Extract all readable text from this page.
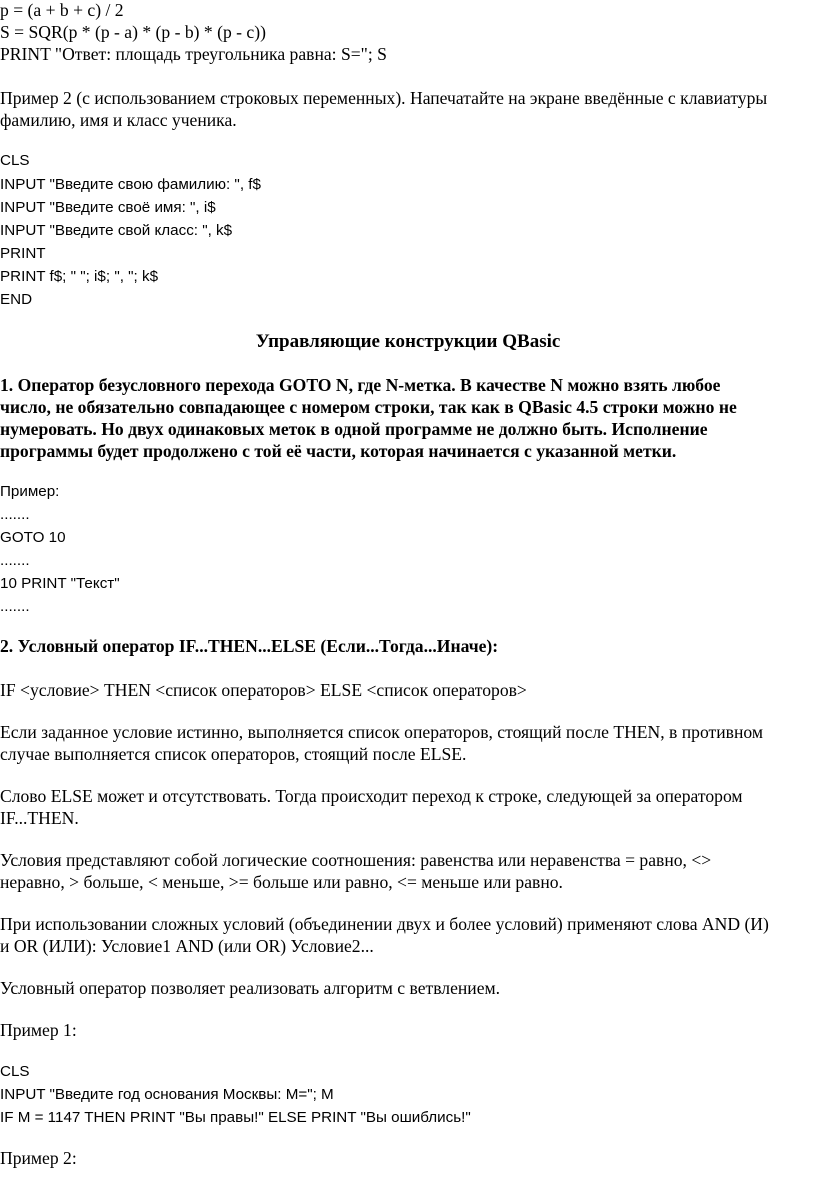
p = (a + b + c) / 2
S = SQR(p * (p - a) * (p - b) * (p - c))
PRINT "Ответ: площадь треугольника равна: S="; S
Пример 2 (с использованием строковых переменных). Напечатайте на экране введённые с клавиатуры
фамилию, имя и класс ученика.
CLS
INPUT "Введите свою фамилию: ", f$
INPUT "Введите своё имя: ", i$
INPUT "Введите свой класс: ", k$
PRINT
PRINT f$; " "; i$; ", "; k$
END
Управляющие конструкции QBasic
1. Оператор безусловного перехода GOTO N, где N-метка. В качестве N можно взять любое
число, не обязательно совпадающее с номером строки, так как в QBasic 4.5 строки можно не
нумеровать. Но двух одинаковых меток в одной программе не должно быть. Исполнение
программы будет продолжено с той её части, которая начинается с указанной метки.
Пример:
.......
GOTO 10
.......
10 PRINT "Текст"
.......
2. Условный оператор IF...THEN...ELSE (Если...Тогда...Иначе):
IF <условие> THEN <список операторов> ELSE <список операторов>
Если заданное условие истинно, выполняется список операторов, стоящий после THEN, в противном
случае выполняется список операторов, стоящий после ELSE.
Слово ELSE может и отсутствовать. Тогда происходит переход к строке, следующей за оператором
IF...THEN.
Условия представляют собой логические соотношения: равенства или неравенства = равно, <>
неравно, > больше, < меньше, >= больше или равно, <= меньше или равно.
При использовании сложных условий (объединении двух и более условий) применяют слова AND (И)
и OR (ИЛИ): Условие1 AND (или OR) Условие2...
Условный оператор позволяет реализовать алгоритм с ветвлением.
Пример 1:
CLS
INPUT "Введите год основания Москвы: М="; M
IF M = 1147 THEN PRINT "Вы правы!" ELSE PRINT "Вы ошиблись!"
Пример 2:
